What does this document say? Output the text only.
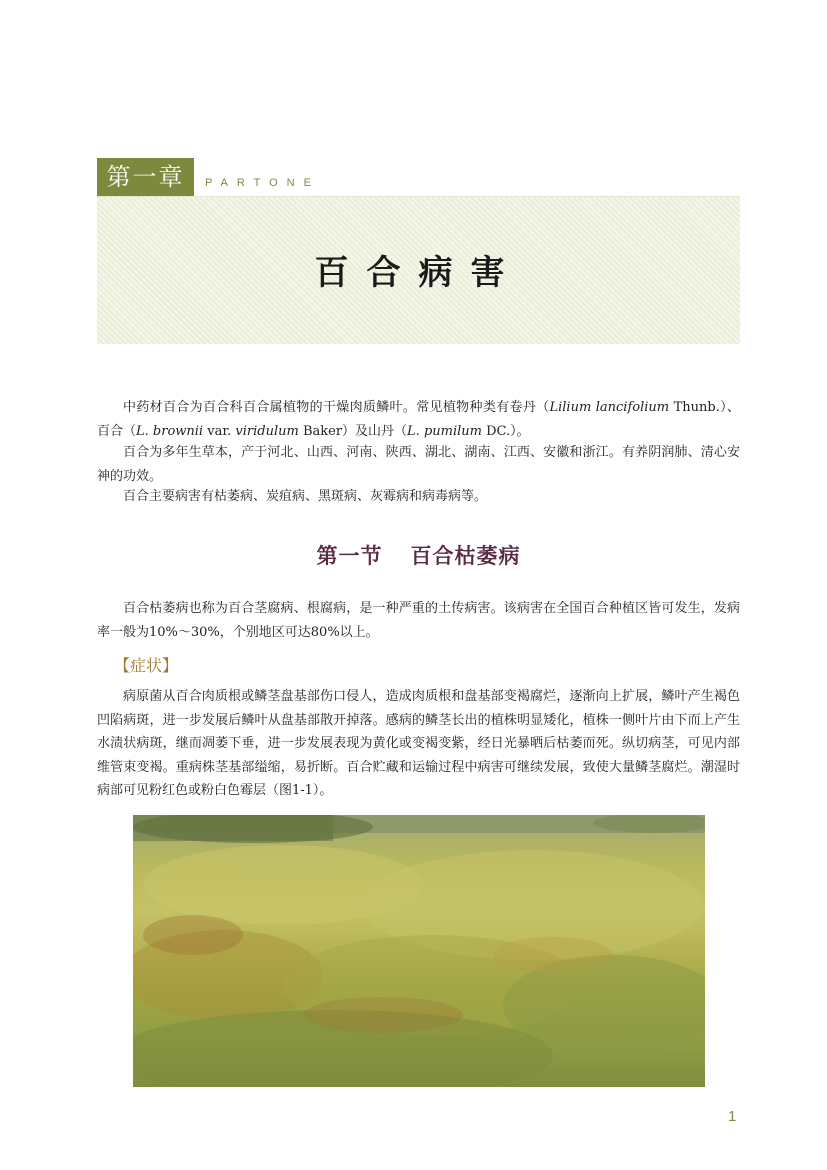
第一章	PARTONE
百合病害
中药材百合为百合科百合属植物的干燥肉质鳞叶。常见植物种类有卷丹（Lilium lancifolium Thunb.）、百合（L. brownii var. viridulum Baker）及山丹（L. pumilum DC.）。
百合为多年生草本，产于河北、山西、河南、陕西、湖北、湖南、江西、安徽和浙江。有养阴润肺、清心安神的功效。
百合主要病害有枯萎病、炭疽病、黑斑病、灰霉病和病毒病等。
第一节 百合枯萎病
百合枯萎病也称为百合茎腐病、根腐病，是一种严重的土传病害。该病害在全国百合种植区皆可发生，发病率一般为10%～30%，个别地区可达80%以上。
【症状】
病原菌从百合肉质根或鳞茎盘基部伤口侵人，造成肉质根和盘基部变褐腐烂，逐渐向上扩展，鳞叶产生褐色凹陷病斑，进一步发展后鳞叶从盘基部散开掉落。感病的鳞茎长出的植株明显矮化，植株一侧叶片由下而上产生水渍状病斑，继而凋萎下垂，进一步发展表现为黄化或变褐变紫，经日光暴晒后枯萎而死。纵切病茎，可见内部维管束变褐。重病株茎基部缢缩，易折断。百合贮藏和运输过程中病害可继续发展，致使大量鳞茎腐烂。潮湿时病部可见粉红色或粉白色霉层（图1-1）。
1
